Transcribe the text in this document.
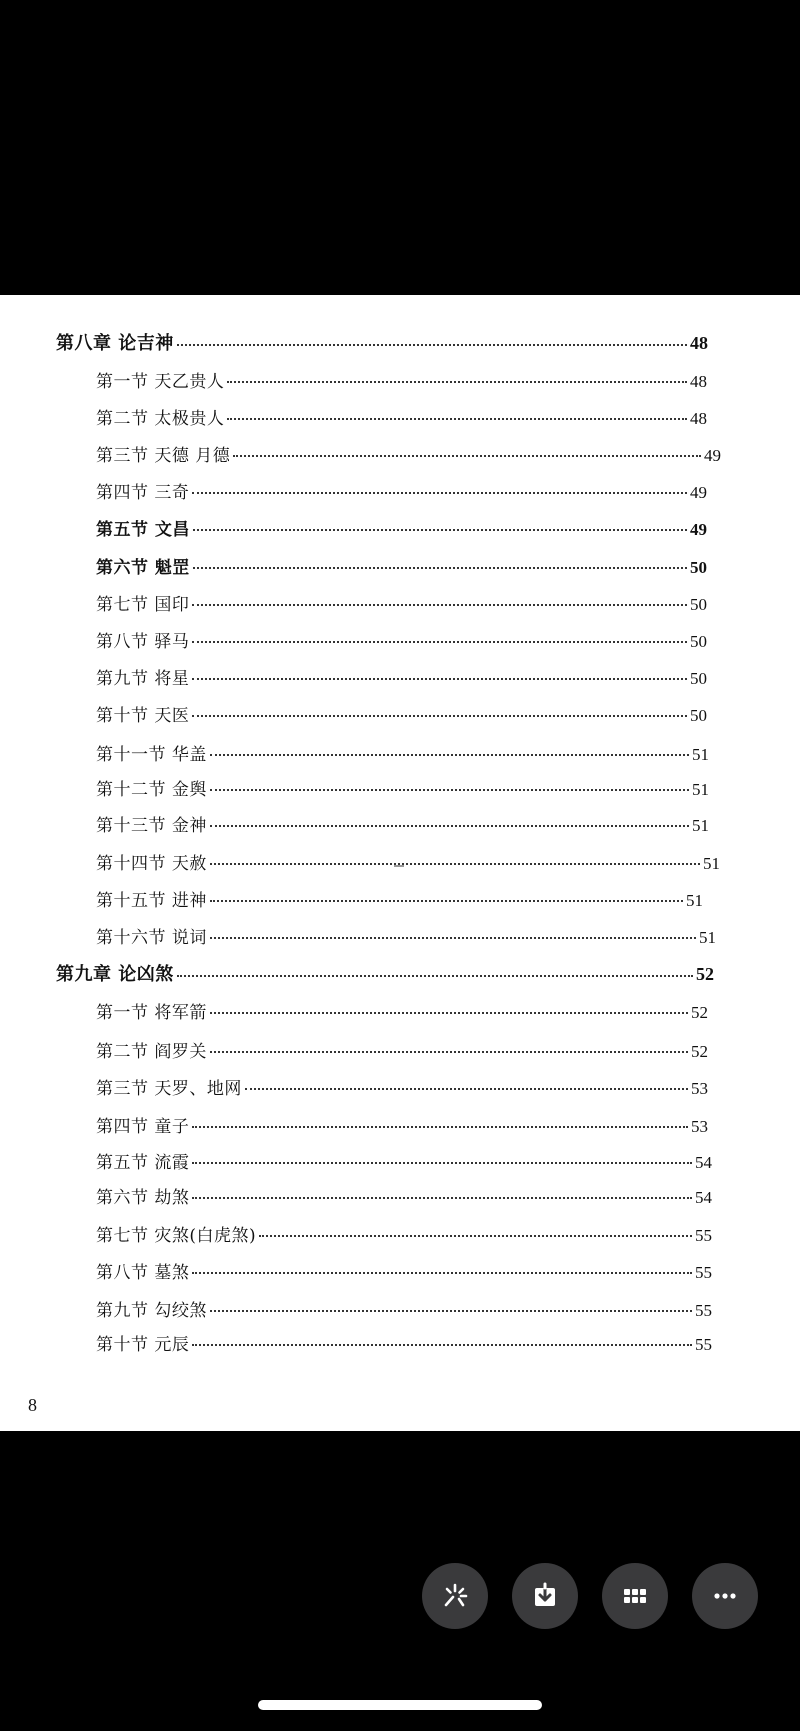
第八章 论吉神	48
第一节 天乙贵人	48
第二节 太极贵人	48
第三节 天德 月德	49
第四节 三奇	49
第五节 文昌	49
第六节 魁罡	50
第七节 国印	50
第八节 驿马	50
第九节 将星	50
第十节 天医	50
第十一节 华盖	51
第十二节 金舆	51
第十三节 金神	51
第十四节 天赦	51
第十五节 进神	51
第十六节 说词	51
第九章 论凶煞	52
第一节 将军箭	52
第二节 阎罗关	52
第三节 天罗、地网	53
第四节 童子	53
第五节 流霞	54
第六节 劫煞	54
第七节 灾煞(白虎煞)	55
第八节 墓煞	55
第九节 勾绞煞	55
第十节 元辰	55
8
